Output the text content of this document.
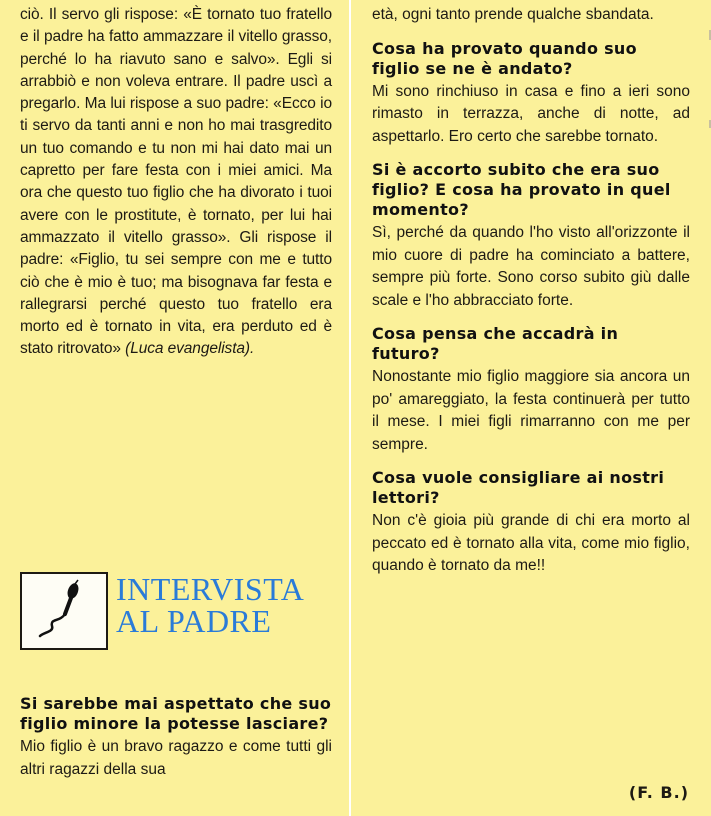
ciò. Il servo gli rispose: «È tornato tuo fratello e il padre ha fatto ammazzare il vitello grasso, perché lo ha riavuto sano e salvo». Egli si arrabbiò e non voleva entrare. Il padre uscì a pregarlo. Ma lui rispose a suo padre: «Ecco io ti servo da tanti anni e non ho mai trasgredito un tuo comando e tu non mi hai dato mai un capretto per fare festa con i miei amici. Ma ora che questo tuo figlio che ha divorato i tuoi avere con le prostitute, è tornato, per lui hai ammazzato il vitello grasso». Gli rispose il padre: «Figlio, tu sei sempre con me e tutto ciò che è mio è tuo; ma bisognava far festa e rallegrarsi perché questo tuo fratello era morto ed è tornato in vita, era perduto ed è stato ritrovato» (Luca evangelista).

INTERVISTA
AL PADRE

Si sarebbe mai aspettato che suo figlio minore la potesse lasciare?

Mio figlio è un bravo ragazzo e come tutti gli altri ragazzi della sua

età, ogni tanto prende qualche sbandata.

Cosa ha provato quando suo figlio se ne è andato?

Mi sono rinchiuso in casa e fino a ieri sono rimasto in terrazza, anche di notte, ad aspettarlo. Ero certo che sarebbe tornato.

Si è accorto subito che era suo figlio? E cosa ha provato in quel momento?

Sì, perché da quando l'ho visto all'orizzonte il mio cuore di padre ha cominciato a battere, sempre più forte. Sono corso subito giù dalle scale e l'ho abbracciato forte.

Cosa pensa che accadrà in futuro?

Nonostante mio figlio maggiore sia ancora un po' amareggiato, la festa continuerà per tutto il mese. I miei figli rimarranno con me per sempre.

Cosa vuole consigliare ai nostri lettori?

Non c'è gioia più grande di chi era morto al peccato ed è tornato alla vita, come mio figlio, quando è tornato da me!!

(F. B.)
